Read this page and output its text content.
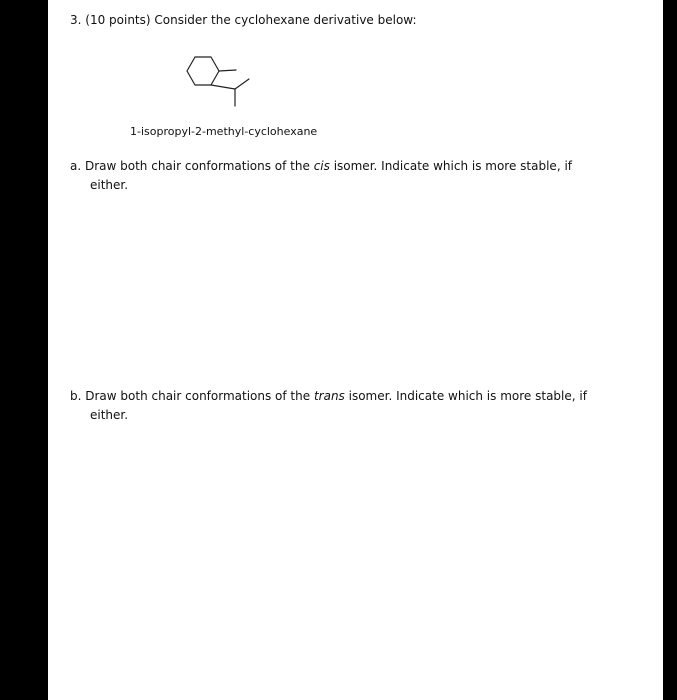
3. (10 points) Consider the cyclohexane derivative below:
1-isopropyl-2-methyl-cyclohexane
a. Draw both chair conformations of the cis isomer. Indicate which is more stable, if
either.
b. Draw both chair conformations of the trans isomer. Indicate which is more stable, if
either.
